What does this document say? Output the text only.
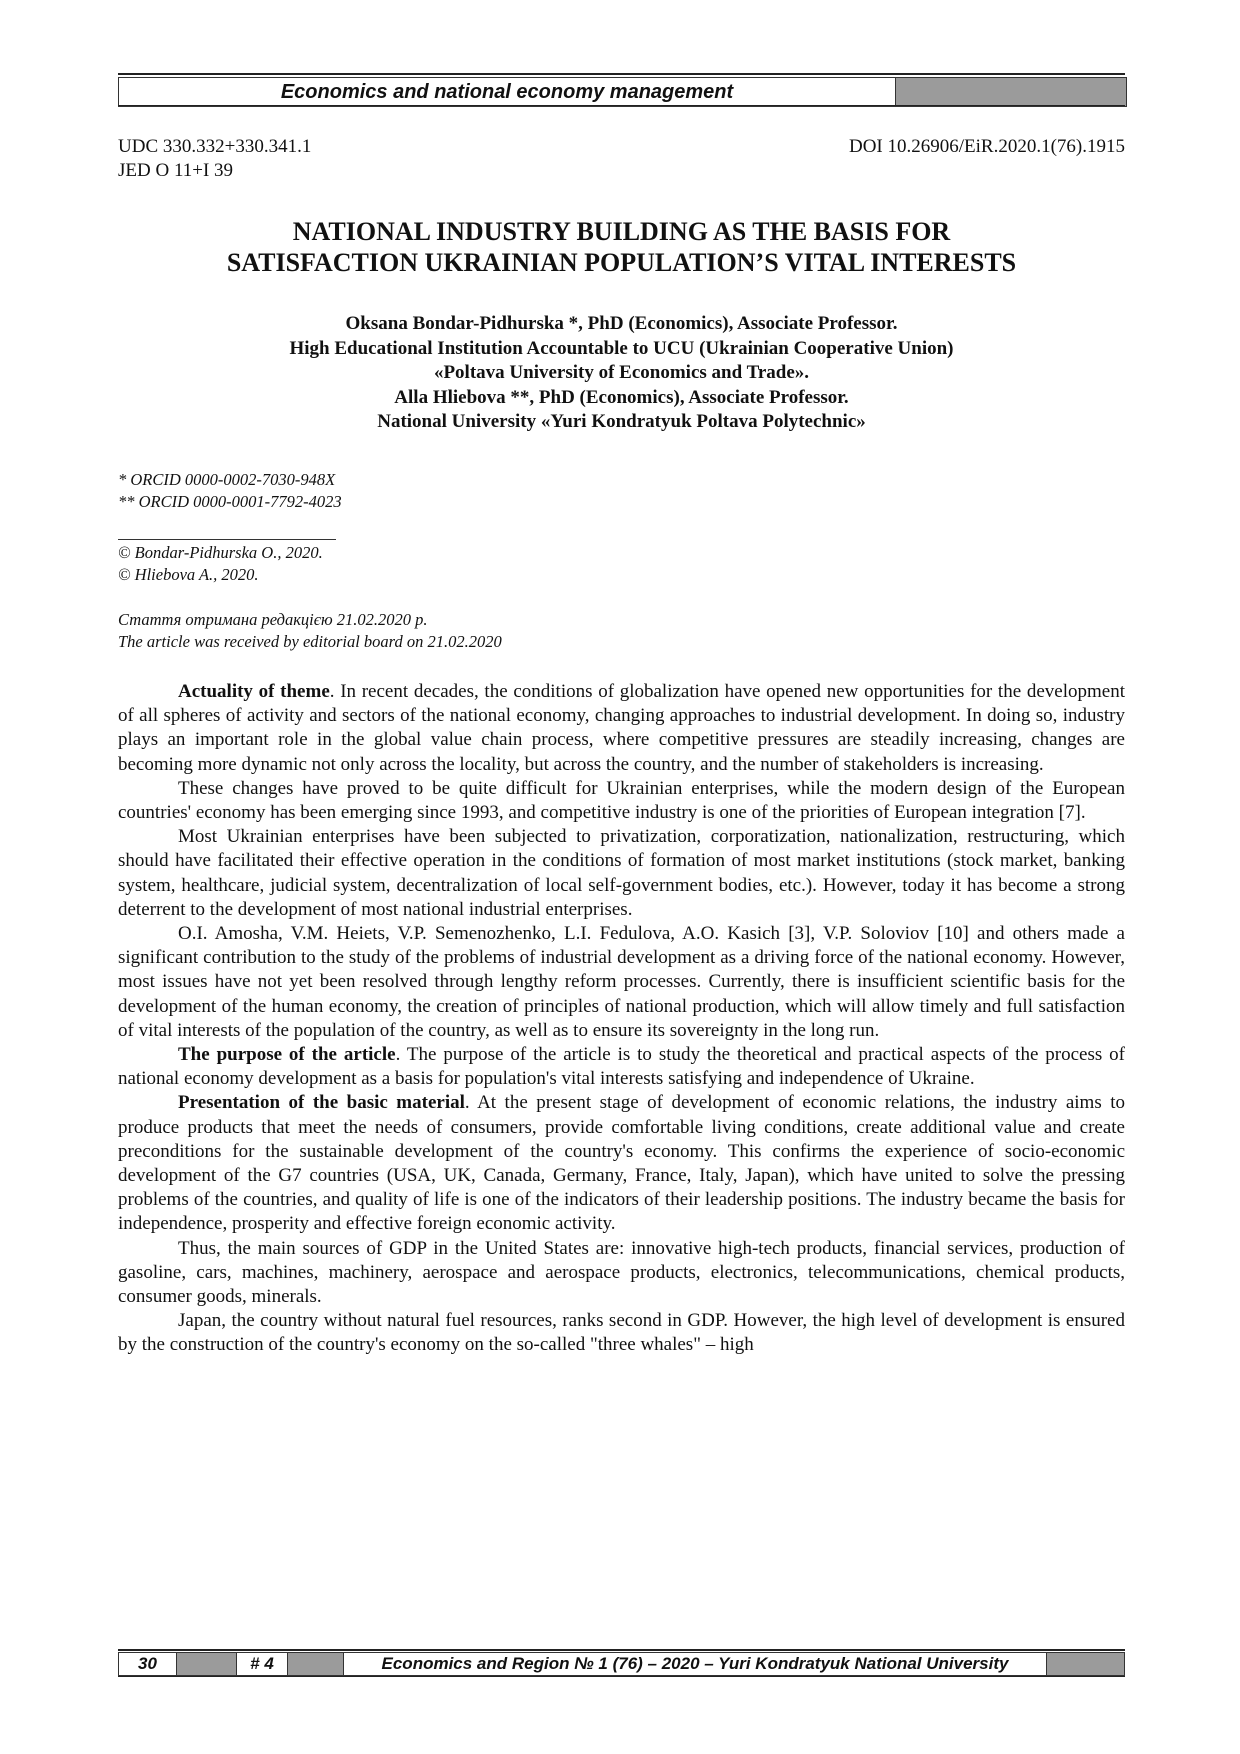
Economics and national economy management
UDC 330.332+330.341.1
JED O 11+I 39
DOI 10.26906/EiR.2020.1(76).1915
NATIONAL INDUSTRY BUILDING AS THE BASIS FOR
SATISFACTION UKRAINIAN POPULATION’S VITAL INTERESTS
Oksana Bondar-Pidhurska *, PhD (Economics), Associate Professor.
High Educational Institution Accountable to UCU (Ukrainian Cooperative Union)
«Poltava University of Economics and Trade».
Alla Hliebova **, PhD (Economics), Associate Professor.
National University «Yuri Kondratyuk Poltava Polytechnic»
* ORCID 0000-0002-7030-948X
** ORCID 0000-0001-7792-4023
© Bondar-Pidhurska O., 2020.
© Hliebova A., 2020.
Стаття отримана редакцією 21.02.2020 р.
The article was received by editorial board on 21.02.2020

Actuality of theme. In recent decades, the conditions of globalization have opened new opportunities for the development of all spheres of activity and sectors of the national economy, changing approaches to industrial development. In doing so, industry plays an important role in the global value chain process, where competitive pressures are steadily increasing, changes are becoming more dynamic not only across the locality, but across the country, and the number of stakeholders is increasing.

These changes have proved to be quite difficult for Ukrainian enterprises, while the modern design of the European countries' economy has been emerging since 1993, and competitive industry is one of the priorities of European integration [7].

Most Ukrainian enterprises have been subjected to privatization, corporatization, nationalization, restructuring, which should have facilitated their effective operation in the conditions of formation of most market institutions (stock market, banking system, healthcare, judicial system, decentralization of local self-government bodies, etc.). However, today it has become a strong deterrent to the development of most national industrial enterprises.

O.I. Amosha, V.M. Heiets, V.P. Semenozhenko, L.I. Fedulova, A.O. Kasich [3], V.P. Soloviov [10] and others made a significant contribution to the study of the problems of industrial development as a driving force of the national economy. However, most issues have not yet been resolved through lengthy reform processes. Currently, there is insufficient scientific basis for the development of the human economy, the creation of principles of national production, which will allow timely and full satisfaction of vital interests of the population of the country, as well as to ensure its sovereignty in the long run.

The purpose of the article. The purpose of the article is to study the theoretical and practical aspects of the process of national economy development as a basis for population's vital interests satisfying and independence of Ukraine.

Presentation of the basic material. At the present stage of development of economic relations, the industry aims to produce products that meet the needs of consumers, provide comfortable living conditions, create additional value and create preconditions for the sustainable development of the country's economy. This confirms the experience of socio-economic development of the G7 countries (USA, UK, Canada, Germany, France, Italy, Japan), which have united to solve the pressing problems of the countries, and quality of life is one of the indicators of their leadership positions. The industry became the basis for independence, prosperity and effective foreign economic activity.

Thus, the main sources of GDP in the United States are: innovative high-tech products, financial services, production of gasoline, cars, machines, machinery, aerospace and aerospace products, electronics, telecommunications, chemical products, consumer goods, minerals.

Japan, the country without natural fuel resources, ranks second in GDP. However, the high level of development is ensured by the construction of the country's economy on the so-called "three whales" – high

30	# 4	Economics and Region № 1 (76) – 2020 – Yuri Kondratyuk National University
